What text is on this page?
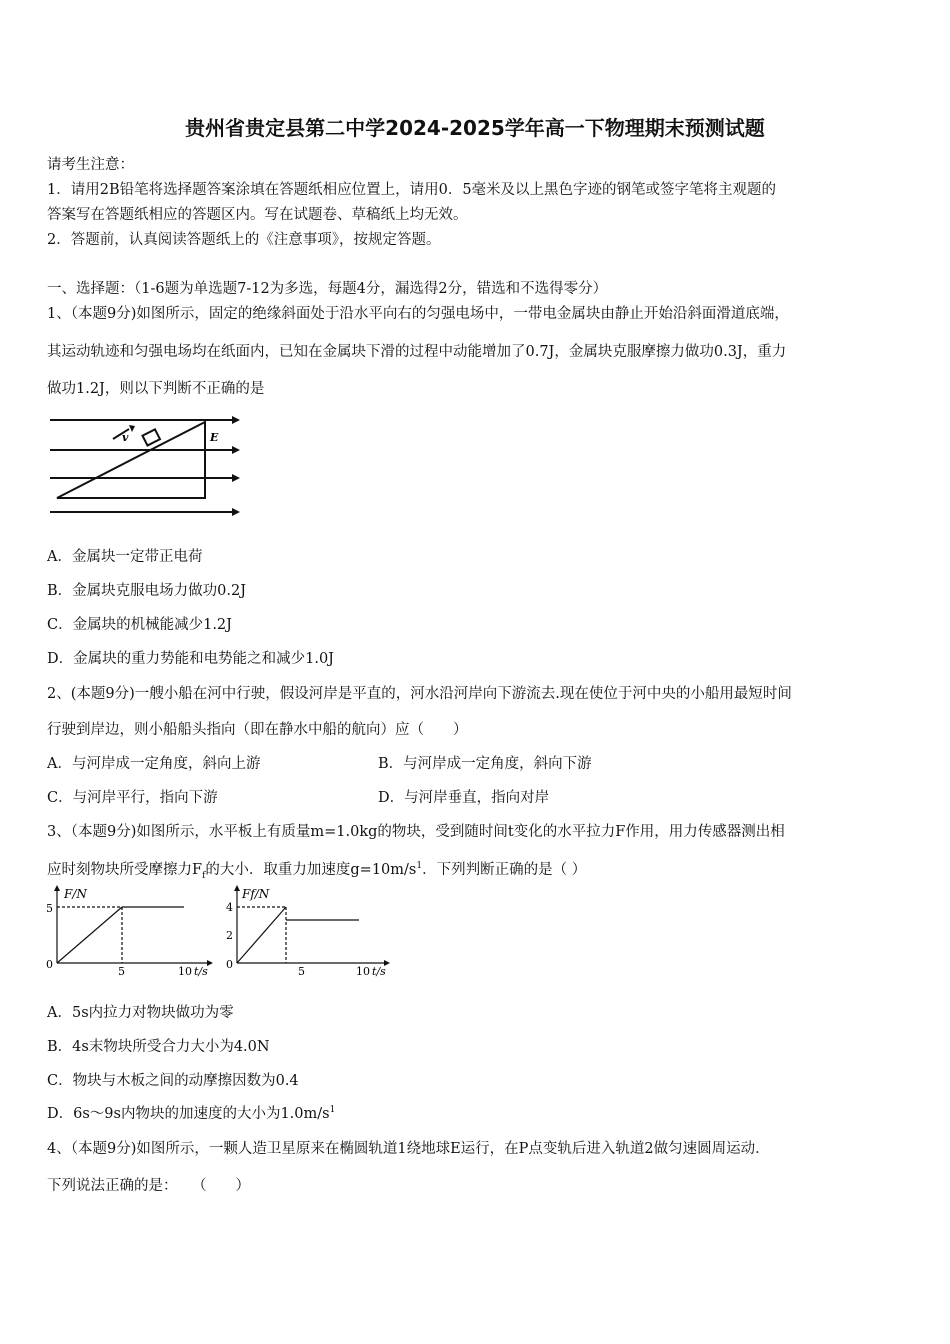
贵州省贵定县第二中学2024-2025学年高一下物理期末预测试题
请考生注意：
1．请用2B铅笔将选择题答案涂填在答题纸相应位置上，请用0．5毫米及以上黑色字迹的钢笔或签字笔将主观题的
答案写在答题纸相应的答题区内。写在试题卷、草稿纸上均无效。
2．答题前，认真阅读答题纸上的《注意事项》，按规定答题。
一、选择题：（1-6题为单选题7-12为多选，每题4分，漏选得2分，错选和不选得零分）
1、（本题9分)如图所示，固定的绝缘斜面处于沿水平向右的匀强电场中，一带电金属块由静止开始沿斜面滑道底端，
其运动轨迹和匀强电场均在纸面内，已知在金属块下滑的过程中动能增加了0.7J，金属块克服摩擦力做功0.3J，重力
做功1.2J，则以下判断不正确的是
v	E
A．金属块一定带正电荷
B．金属块克服电场力做功0.2J
C．金属块的机械能减少1.2J
D．金属块的重力势能和电势能之和减少1.0J
2、(本题9分)一艘小船在河中行驶，假设河岸是平直的，河水沿河岸向下游流去.现在使位于河中央的小船用最短时间
行驶到岸边，则小船船头指向（即在静水中船的航向）应（　　）
A．与河岸成一定角度，斜向上游	B．与河岸成一定角度，斜向下游
C．与河岸平行，指向下游	D．与河岸垂直，指向对岸
3、（本题9分)如图所示，水平板上有质量m=1.0kg的物块，受到随时间t变化的水平拉力F作用，用力传感器测出相
应时刻物块所受摩擦力$F_f$的大小．取重力加速度$g=10m/s^1$．下列判断正确的是（ ）
F/N
5
0
5	10 t/s
Ff/N
4
2
0
5	10 t/s
A．5s内拉力对物块做功为零
B．4s末物块所受合力大小为4.0N
C．物块与木板之间的动摩擦因数为0.4
D．6s～9s内物块的加速度的大小为$1.0m/s^1$
4、（本题9分)如图所示，一颗人造卫星原来在椭圆轨道1绕地球E运行，在P点变轨后进入轨道2做匀速圆周运动．
下列说法正确的是：　　（　　）
